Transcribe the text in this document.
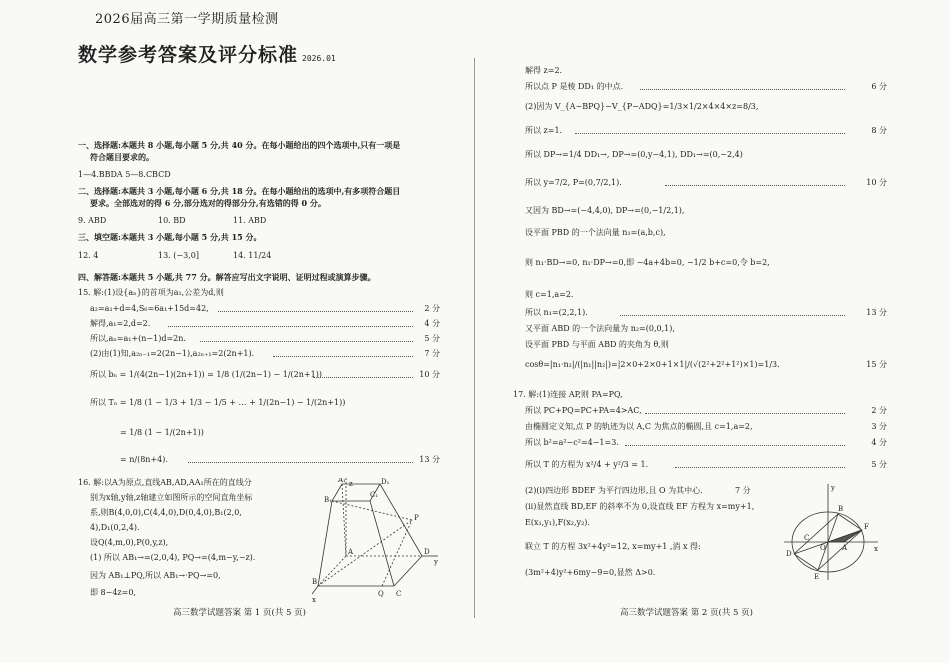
2026届高三第一学期质量检测
数学参考答案及评分标准 2026.01
一、选择题:本题共 8 小题,每小题 5 分,共 40 分。在每小题给出的四个选项中,只有一项是
符合题目要求的。
1—4.BBDA 5—8.CBCD
二、选择题:本题共 3 小题,每小题 6 分,共 18 分。在每小题给出的选项中,有多项符合题目
要求。全部选对的得 6 分,部分选对的得部分分,有选错的得 0 分。
9. ABD	10. BD	11. ABD
三、填空题:本题共 3 小题,每小题 5 分,共 15 分。
12. 4	13. (−3,0]	14. 11/24
四、解答题:本题共 5 小题,共 77 分。解答应写出文字说明、证明过程或演算步骤。
15. 解:(1)设{aₙ}的首项为a₁,公差为d,则
a₂=a₁+d=4,S₆=6a₁+15d=42,	2 分
解得,a₁=2,d=2.	4 分
所以,aₙ=a₁+(n−1)d=2n.	5 分
(2)由(1)知,a₂ₙ₋₁=2(2n−1),a₂ₙ₊₁=2(2n+1).	7 分
所以 bₙ = 1/(4(2n−1)(2n+1)) = 1/8 (1/(2n−1) − 1/(2n+1))	10 分
所以 Tₙ = 1/8 (1 − 1/3 + 1/3 − 1/5 + … + 1/(2n−1) − 1/(2n+1))
= 1/8 (1 − 1/(2n+1))
= n/(8n+4).	13 分
16. 解:以A为原点,直线AB,AD,AA₁所在的直线分
别为x轴,y轴,z轴建立如图所示的空间直角坐标
系,则B(4,0,0),C(4,4,0),D(0,4,0),B₁(2,0,
4),D₁(0,2,4).
设Q(4,m,0),P(0,y,z),
(1) 所以 AB₁→=(2,0,4), PQ→=(4,m−y,−z).
因为 AB₁⊥PQ,所以 AB₁→·PQ→=0,
即 8−4z=0,
A₁
B₁
C₁
D₁
A
B
C
D
P
Q
x
y
z
高三数学试题答案 第 1 页(共 5 页)
解得 z=2.
所以点 P 是棱 DD₁ 的中点.	6 分
(2)因为 V_{A−BPQ}−V_{P−ADQ}=1/3×1/2×4×4×z=8/3,
所以 z=1.	8 分
所以 DP→=1/4 DD₁→, DP→=(0,y−4,1), DD₁→=(0,−2,4)
所以 y=7/2, P=(0,7/2,1).	10 分
又因为 BD→=(−4,4,0), DP→=(0,−1/2,1),
设平面 PBD 的一个法向量 n₁=(a,b,c),
则 n₁·BD→=0, n₁·DP→=0,即 −4a+4b=0, −1/2 b+c=0,令 b=2,
则 c=1,a=2.
所以 n₁=(2,2,1).	13 分
又平面 ABD 的一个法向量为 n₂=(0,0,1),
设平面 PBD 与平面 ABD 的夹角为 θ,则
cosθ=|n₁·n₂|/(|n₁||n₂|)=|2×0+2×0+1×1|/(√(2²+2²+1²)×1)=1/3.	15 分
17. 解:(1)连接 AP,则 PA=PQ,
所以 PC+PQ=PC+PA=4>AC,	2 分
由椭圆定义知,点 P 的轨迹为以 A,C 为焦点的椭圆,且 c=1,a=2,	3 分
所以 b²=a²−c²=4−1=3.	4 分
所以 T 的方程为 x²/4 + y²/3 = 1.	5 分
(2)(i)四边形 BDEF 为平行四边形,且 O 为其中心.	7 分
(ii)显然直线 BD,EF 的斜率不为 0,设直线 EF 方程为 x=my+1,
E(x₁,y₁),F(x₂,y₂).
联立 T 的方程 3x²+4y²=12, x=my+1 ,消 x 得:
(3m²+4)y²+6my−9=0,显然 Δ>0.
B
F
D
E
O A
C
x
y
高三数学试题答案 第 2 页(共 5 页)
